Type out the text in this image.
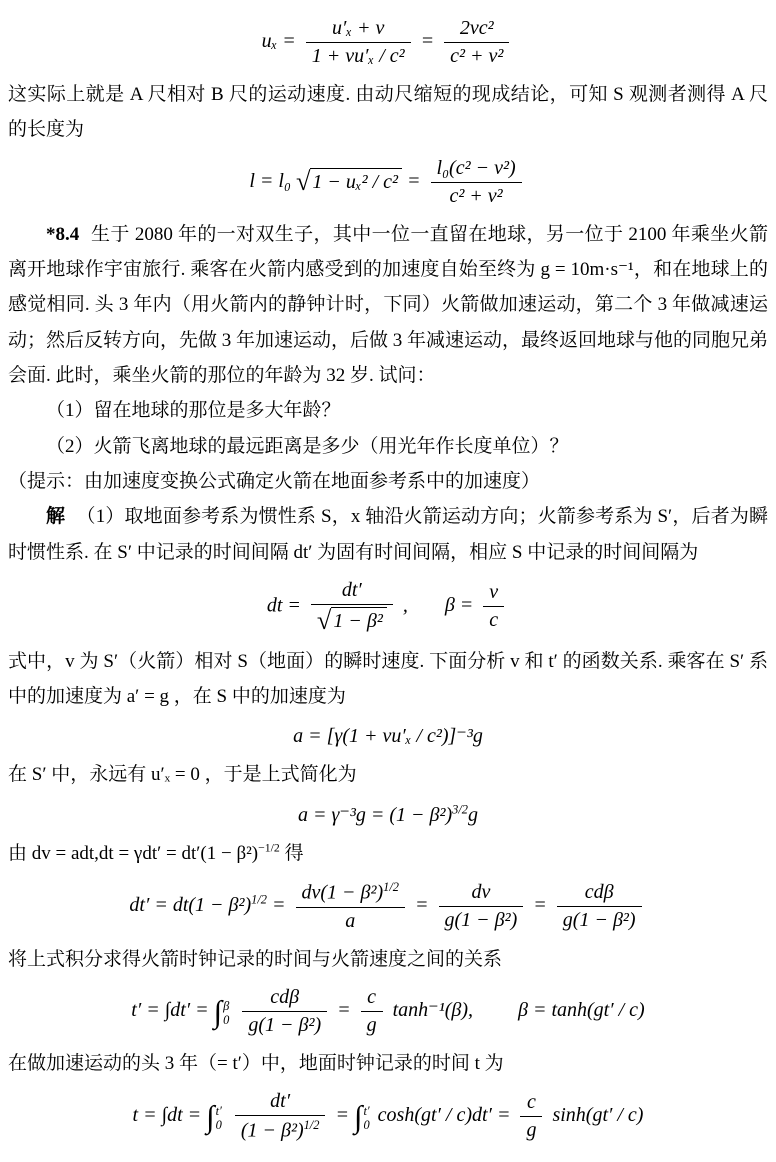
$u_x = \frac{\text{u′ₓ + v}}{\text{1 + vu′ₓ / c²}} = \frac{\text{2vc²}}{\text{c² + v²}}$

这实际上就是 A 尺相对 B 尺的运动速度. 由动尺缩短的现成结论，可知 S 观测者测得 A 尺的长度为

l = l₀ √ $1 - u_x^2 / c^2 = \frac{\text{l₀(c² − v²)}}{\text{c² + v²}}$

*8.4 生于 2080 年的一对双生子，其中一位一直留在地球，另一位于 2100 年乘坐火箭离开地球作宇宙旅行. 乘客在火箭内感受到的加速度自始至终为 g = 10m·s⁻¹，和在地球上的感觉相同. 头 3 年内（用火箭内的静钟计时，下同）火箭做加速运动，第二个 3 年做减速运动；然后反转方向，先做 3 年加速运动，后做 3 年减速运动，最终返回地球与他的同胞兄弟会面. 此时，乘坐火箭的那位的年龄为 32 岁. 试问：

（1）留在地球的那位是多大年龄？

（2）火箭飞离地球的最远距离是多少（用光年作长度单位）？

（提示：由加速度变换公式确定火箭在地面参考系中的加速度）

解 （1）取地面参考系为惯性系 S，x 轴沿火箭运动方向；火箭参考系为 S′，后者为瞬时惯性系. 在 S′ 中记录的时间间隔 dt′ 为固有时间间隔，相应 S 中记录的时间间隔为

dt = $\frac{dt'}{\text{√ 1 − β²}}$ , $\beta = \frac{v}{c}$

式中，v 为 S′（火箭）相对 S（地面）的瞬时速度. 下面分析 v 和 t′ 的函数关系. 乘客在 S′ 系中的加速度为 a′ = g ，在 S 中的加速度为

a = [γ(1 + vu′ₓ / c²)]⁻³g

在 S′ 中，永远有 u′ₓ = 0 ，于是上式简化为

$a = \gamma^{-3}g = (1 - \beta^2)^{3/2}g$

由 dv = $adt,dt = \gamma dt' = dt'(1 - \beta^2)^{-1/2}$ 得

$dt' = dt(1 - \beta^2)^{1/2} = \frac{dv(1 - \beta^2)^{1/2}}{a} = \frac{dv}{\text{g(1 − β²)}}$ =
cdβ
g(1 − β²)

将上式积分求得火箭时钟记录的时间与火箭速度之间的关系

t′ = ∫dt′ = ∫ β
0

cdβ
g(1 − β²)
= $\frac{c}{g} \tanh^{-1}(\beta)$, β = tanh(gt′ / c)

在做加速运动的头 3 年（= t′）中，地面时钟记录的时间 t 为

t = ∫dt = ∫ t′
0
$\frac{dt'}{(1 - \beta^2)^{1/2}}$ = ∫ t′
0 $\cosh(gt' / c)dt' = \frac{c}{g} \sinh(gt' / c)$
